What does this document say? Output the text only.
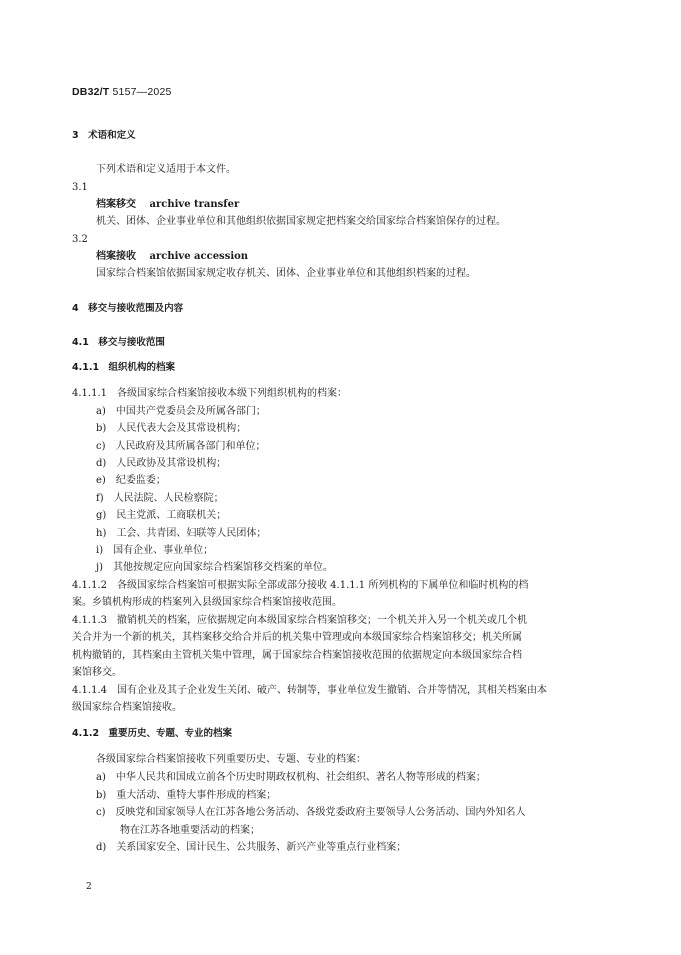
DB32/T 5157—2025
3　术语和定义
下列术语和定义适用于本文件。
3.1
档案移交　 archive transfer
机关、团体、企业事业单位和其他组织依据国家规定把档案交给国家综合档案馆保存的过程。
3.2
档案接收　 archive accession
国家综合档案馆依据国家规定收存机关、团体、企业事业单位和其他组织档案的过程。
4　移交与接收范围及内容
4.1　移交与接收范围
4.1.1　组织机构的档案
4.1.1.1　各级国家综合档案馆接收本级下列组织机构的档案：
a)　中国共产党委员会及所属各部门；
b)　人民代表大会及其常设机构；
c)　人民政府及其所属各部门和单位；
d)　人民政协及其常设机构；
e)　纪委监委；
f)　人民法院、人民检察院；
g)　民主党派、工商联机关；
h)　工会、共青团、妇联等人民团体；
i)　国有企业、事业单位；
j)　其他按规定应向国家综合档案馆移交档案的单位。
4.1.1.2　各级国家综合档案馆可根据实际全部或部分接收 4.1.1.1 所列机构的下属单位和临时机构的档
案。乡镇机构形成的档案列入县级国家综合档案馆接收范围。
4.1.1.3　撤销机关的档案，应依据规定向本级国家综合档案馆移交；一个机关并入另一个机关或几个机
关合并为一个新的机关，其档案移交给合并后的机关集中管理或向本级国家综合档案馆移交；机关所属
机构撤销的，其档案由主管机关集中管理，属于国家综合档案馆接收范围的依据规定向本级国家综合档
案馆移交。
4.1.1.4　国有企业及其子企业发生关闭、破产、转制等，事业单位发生撤销、合并等情况，其相关档案由本
级国家综合档案馆接收。
4.1.2　重要历史、专题、专业的档案
各级国家综合档案馆接收下列重要历史、专题、专业的档案：
a)　中华人民共和国成立前各个历史时期政权机构、社会组织、著名人物等形成的档案；
b)　重大活动、重特大事件形成的档案；
c)　反映党和国家领导人在江苏各地公务活动、各级党委政府主要领导人公务活动、国内外知名人
物在江苏各地重要活动的档案；
d)　关系国家安全、国计民生、公共服务、新兴产业等重点行业档案；
2
